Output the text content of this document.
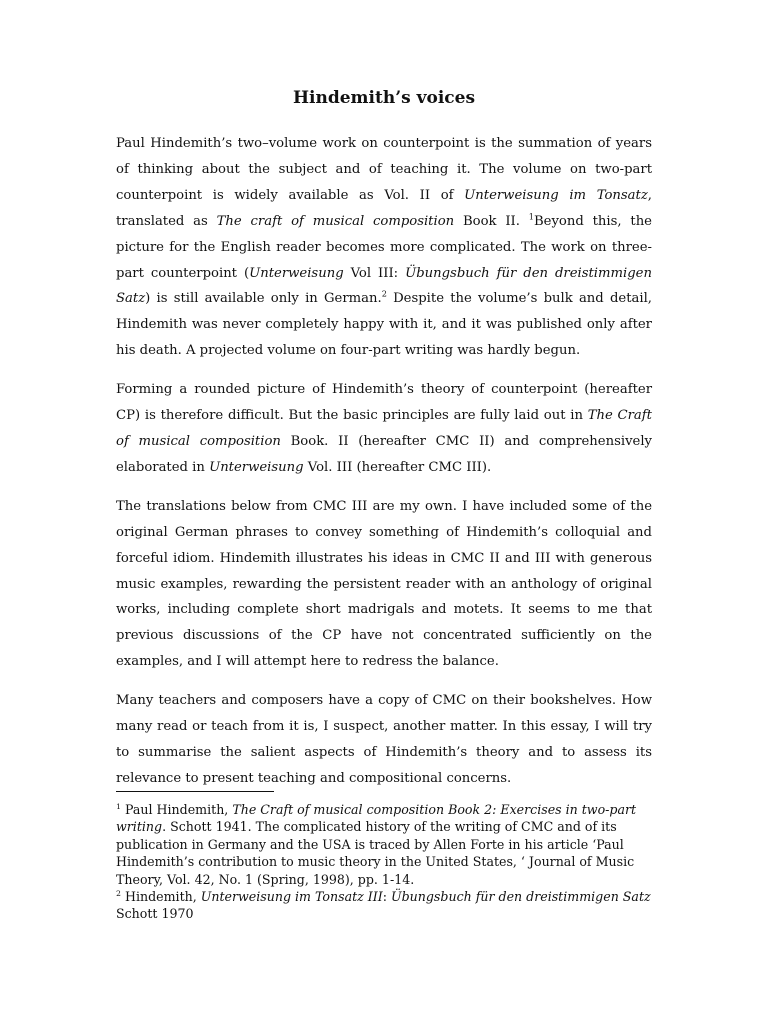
Hindemith’s voices

Paul Hindemith’s two–volume work on counterpoint is the summation of years of thinking about the subject and of teaching it. The volume on two-part counterpoint is widely available as Vol. II of Unterweisung im Tonsatz, translated as The craft of musical composition Book II. $^1$Beyond this, the picture for the English reader becomes more complicated. The work on three-part counterpoint (Unterweisung Vol III: Übungsbuch für den dreistimmigen Satz) is still available only in German.$^2$ Despite the volume’s bulk and detail, Hindemith was never completely happy with it, and it was published only after his death. A projected volume on four-part writing was hardly begun.

Forming a rounded picture of Hindemith’s theory of counterpoint (hereafter CP) is therefore difficult. But the basic principles are fully laid out in The Craft of musical composition Book. II (hereafter CMC II) and comprehensively elaborated in Unterweisung Vol. III (hereafter CMC III).

The translations below from CMC III are my own. I have included some of the original German phrases to convey something of Hindemith’s colloquial and forceful idiom. Hindemith illustrates his ideas in CMC II and III with generous music examples, rewarding the persistent reader with an anthology of original works, including complete short madrigals and motets. It seems to me that previous discussions of the CP have not concentrated sufficiently on the examples, and I will attempt here to redress the balance.

Many teachers and composers have a copy of CMC on their bookshelves. How many read or teach from it is, I suspect, another matter. In this essay, I will try to summarise the salient aspects of Hindemith’s theory and to assess its relevance to present teaching and compositional concerns.

$^1$ Paul Hindemith, The Craft of musical composition Book 2: Exercises in two-part writing. Schott 1941. The complicated history of the writing of CMC and of its publication in Germany and the USA is traced by Allen Forte in his article ‘Paul Hindemith’s contribution to music theory in the United States, ‘ Journal of Music Theory, Vol. 42, No. 1 (Spring, 1998), pp. 1-14.

$^2$ Hindemith, Unterweisung im Tonsatz III: Übungsbuch für den dreistimmigen Satz Schott 1970
